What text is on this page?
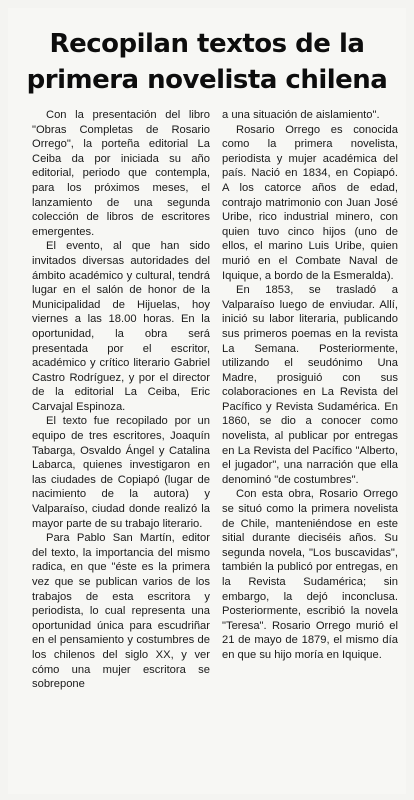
Recopilan textos de la
primera novelista chilena

Con la presentación del libro "Obras Completas de Rosario Orrego", la porteña editorial La Ceiba da por iniciada su año editorial, periodo que contempla, para los próximos meses, el lanzamiento de una segunda colección de libros de escritores emergentes.

El evento, al que han sido invitados diversas autoridades del ámbito académico y cultural, tendrá lugar en el salón de honor de la Municipalidad de Hijuelas, hoy viernes a las 18.00 horas. En la oportunidad, la obra será presentada por el escritor, académico y crítico literario Gabriel Castro Rodríguez, y por el director de la editorial La Ceiba, Eric Carvajal Espinoza.

El texto fue recopilado por un equipo de tres escritores, Joaquín Tabarga, Osvaldo Ángel y Catalina Labarca, quienes investigaron en las ciudades de Copiapó (lugar de nacimiento de la autora) y Valparaíso, ciudad donde realizó la mayor parte de su trabajo literario.

Para Pablo San Martín, editor del texto, la importancia del mismo radica, en que "éste es la primera vez que se publican varios de los trabajos de esta escritora y periodista, lo cual representa una oportunidad única para escudriñar en el pensamiento y costumbres de los chilenos del siglo XX, y ver cómo una mujer escritora se sobrepone

a una situación de aislamiento".

Rosario Orrego es conocida como la primera novelista, periodista y mujer académica del país. Nació en 1834, en Copiapó. A los catorce años de edad, contrajo matrimonio con Juan José Uribe, rico industrial minero, con quien tuvo cinco hijos (uno de ellos, el marino Luis Uribe, quien murió en el Combate Naval de Iquique, a bordo de la Esmeralda).

En 1853, se trasladó a Valparaíso luego de enviudar. Allí, inició su labor literaria, publicando sus primeros poemas en la revista La Semana. Posteriormente, utilizando el seudónimo Una Madre, prosiguió con sus colaboraciones en La Revista del Pacífico y Revista Sudamérica. En 1860, se dio a conocer como novelista, al publicar por entregas en La Revista del Pacífico "Alberto, el jugador", una narración que ella denominó "de costumbres".

Con esta obra, Rosario Orrego se situó como la primera novelista de Chile, manteniéndose en este sitial durante dieciséis años. Su segunda novela, "Los buscavidas", también la publicó por entregas, en la Revista Sudamérica; sin embargo, la dejó inconclusa. Posteriormente, escribió la novela "Teresa". Rosario Orrego murió el 21 de mayo de 1879, el mismo día en que su hijo moría en Iquique.
